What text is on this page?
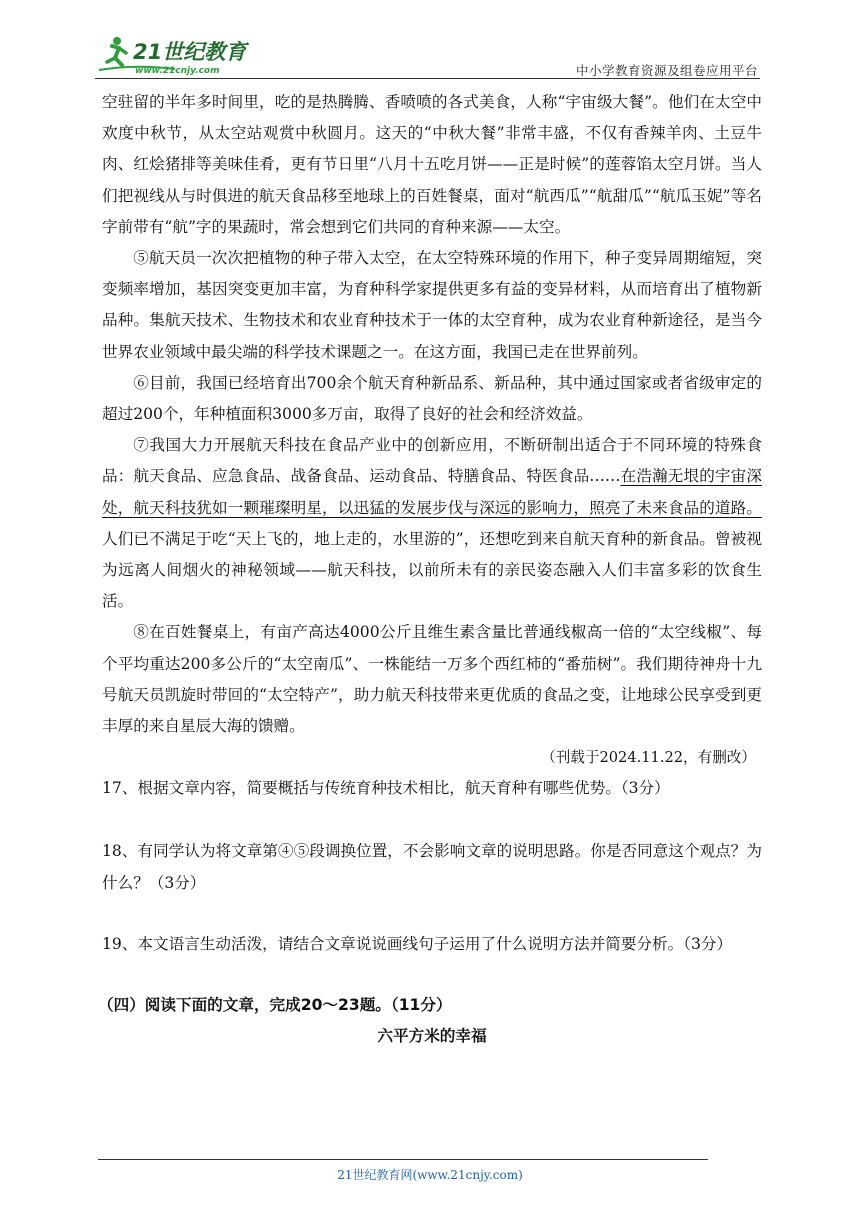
21世纪教育
www.21cnjy.com	中小学教育资源及组卷应用平台

空驻留的半年多时间里，吃的是热腾腾、香喷喷的各式美食，人称“宇宙级大餐”。他们在太空中欢度中秋节，从太空站观赏中秋圆月。这天的“中秋大餐”非常丰盛，不仅有香辣羊肉、土豆牛肉、红烩猪排等美味佳肴，更有节日里“八月十五吃月饼——正是时候”的莲蓉馅太空月饼。当人们把视线从与时俱进的航天食品移至地球上的百姓餐桌，面对“航西瓜”“航甜瓜”“航瓜玉妮”等名字前带有“航”字的果蔬时，常会想到它们共同的育种来源——太空。

⑤航天员一次次把植物的种子带入太空，在太空特殊环境的作用下，种子变异周期缩短，突变频率增加，基因突变更加丰富，为育种科学家提供更多有益的变异材料，从而培育出了植物新品种。集航天技术、生物技术和农业育种技术于一体的太空育种，成为农业育种新途径，是当今世界农业领域中最尖端的科学技术课题之一。在这方面，我国已走在世界前列。

⑥目前，我国已经培育出700余个航天育种新品系、新品种，其中通过国家或者省级审定的超过200个，年种植面积3000多万亩，取得了良好的社会和经济效益。

⑦我国大力开展航天科技在食品产业中的创新应用，不断研制出适合于不同环境的特殊食品：航天食品、应急食品、战备食品、运动食品、特膳食品、特医食品……在浩瀚无垠的宇宙深处，航天科技犹如一颗璀璨明星，以迅猛的发展步伐与深远的影响力，照亮了未来食品的道路。人们已不满足于吃“天上飞的，地上走的，水里游的”，还想吃到来自航天育种的新食品。曾被视为远离人间烟火的神秘领域——航天科技，以前所未有的亲民姿态融入人们丰富多彩的饮食生活。

⑧在百姓餐桌上，有亩产高达4000公斤且维生素含量比普通线椒高一倍的“太空线椒”、每个平均重达200多公斤的“太空南瓜”、一株能结一万多个西红柿的“番茄树”。我们期待神舟十九号航天员凯旋时带回的“太空特产”，助力航天科技带来更优质的食品之变，让地球公民享受到更丰厚的来自星辰大海的馈赠。

（刊载于2024.11.22，有删改）

17、根据文章内容，简要概括与传统育种技术相比，航天育种有哪些优势。（3分）

18、有同学认为将文章第④⑤段调换位置，不会影响文章的说明思路。你是否同意这个观点？为什么？（3分）

19、本文语言生动活泼，请结合文章说说画线句子运用了什么说明方法并简要分析。（3分）

（四）阅读下面的文章，完成20～23题。（11分）

六平方米的幸福

21世纪教育网(www.21cnjy.com)
